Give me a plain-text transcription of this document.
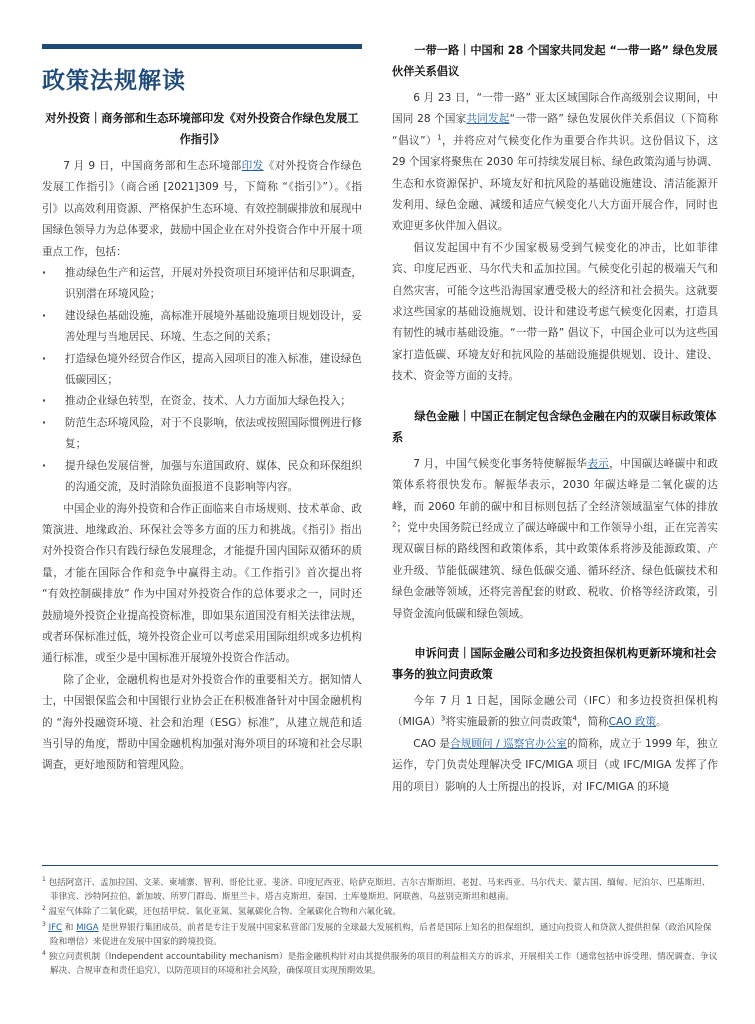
政策法规解读
对外投资｜商务部和生态环境部印发《对外投资合作绿色发展工作指引》

7 月 9 日，中国商务部和生态环境部印发《对外投资合作绿色发展工作指引》（商合函 [2021]309 号，下简称 “《指引》”）。《指引》以高效利用资源、严格保护生态环境、有效控制碳排放和展现中国绿色领导力为总体要求，鼓励中国企业在对外投资合作中开展十项重点工作，包括：

· 推动绿色生产和运营，开展对外投资项目环境评估和尽职调查，识别潜在环境风险；
· 建设绿色基础设施，高标准开展境外基础设施项目规划设计，妥善处理与当地居民、环境、生态之间的关系；
· 打造绿色境外经贸合作区，提高入园项目的准入标准，建设绿色低碳园区；
· 推动企业绿色转型，在资金、技术、人力方面加大绿色投入；
· 防范生态环境风险，对于不良影响，依法或按照国际惯例进行修复；
· 提升绿色发展信誉，加强与东道国政府、媒体、民众和环保组织的沟通交流，及时消除负面报道不良影响等内容。

中国企业的海外投资和合作正面临来自市场规则、技术革命、政策演进、地缘政治、环保社会等多方面的压力和挑战。《指引》指出对外投资合作只有践行绿色发展理念，才能提升国内国际双循环的质量，才能在国际合作和竞争中赢得主动。《工作指引》首次提出将 “有效控制碳排放” 作为中国对外投资合作的总体要求之一，同时还鼓励境外投资企业提高投资标准，即如果东道国没有相关法律法规，或者环保标准过低，境外投资企业可以考虑采用国际组织或多边机构通行标准，或至少是中国标准开展境外投资合作活动。

除了企业，金融机构也是对外投资合作的重要相关方。据知情人士，中国银保监会和中国银行业协会正在积极准备针对中国金融机构的 “海外投融资环境、社会和治理（ESG）标准”，从建立规范和适当引导的角度，帮助中国金融机构加强对海外项目的环境和社会尽职调查，更好地预防和管理风险。

一带一路｜中国和 28 个国家共同发起 “一带一路” 绿色发展伙伴关系倡议

6 月 23 日，“一带一路” 亚太区域国际合作高级别会议期间，中国同 28 个国家共同发起“一带一路” 绿色发展伙伴关系倡议（下简称 “倡议”）$^1$，并将应对气候变化作为重要合作共识。这份倡议下，这 29 个国家将聚焦在 2030 年可持续发展目标、绿色政策沟通与协调、生态和水资源保护、环境友好和抗风险的基础设施建设、清洁能源开发利用、绿色金融、减缓和适应气候变化八大方面开展合作，同时也欢迎更多伙伴加入倡议。

倡议发起国中有不少国家极易受到气候变化的冲击，比如菲律宾、印度尼西亚、马尔代夫和孟加拉国。气候变化引起的极端天气和自然灾害，可能令这些沿海国家遭受极大的经济和社会损失。这就要求这些国家的基础设施规划、设计和建设考虑气候变化因素，打造具有韧性的城市基础设施。“一带一路” 倡议下，中国企业可以为这些国家打造低碳、环境友好和抗风险的基础设施提供规划、设计、建设、技术、资金等方面的支持。

绿色金融｜中国正在制定包含绿色金融在内的双碳目标政策体系

7 月，中国气候变化事务特使解振华表示，中国碳达峰碳中和政策体系将很快发布。解振华表示，2030 年碳达峰是二氧化碳的达峰，而 2060 年前的碳中和目标则包括了全经济领域温室气体的排放$^2$；党中央国务院已经成立了碳达峰碳中和工作领导小组，正在完善实现双碳目标的路线图和政策体系，其中政策体系将涉及能源政策、产业升级、节能低碳建筑、绿色低碳交通、循环经济、绿色低碳技术和绿色金融等领域，还将完善配套的财政、税收、价格等经济政策，引导资金流向低碳和绿色领域。

申诉问责｜国际金融公司和多边投资担保机构更新环境和社会事务的独立问责政策

今年 7 月 1 日起，国际金融公司（IFC）和多边投资担保机构（MIGA）$^3$将实施最新的独立问责政策$^4$，简称CAO 政策。

CAO 是合规顾问 / 巡察官办公室的简称，成立于 1999 年，独立运作，专门负责处理解决受 IFC/MIGA 项目（或 IFC/MIGA 发挥了作用的项目）影响的人士所提出的投诉，对 IFC/MIGA 的环境

$^1$ 包括阿富汗、孟加拉国、文莱、柬埔寨、智利、哥伦比亚、斐济、印度尼西亚、哈萨克斯坦、吉尔吉斯斯坦、老挝、马来西亚、马尔代夫、蒙古国、缅甸、尼泊尔、巴基斯坦、菲律宾、沙特阿拉伯、新加坡、所罗门群岛、斯里兰卡、塔吉克斯坦、泰国、土库曼斯坦、阿联酋、乌兹别克斯坦和越南。
$^2$ 温室气体除了二氧化碳，还包括甲烷、氧化亚氮、氢氟碳化合物、全氟碳化合物和六氟化硫。
$^3$ IFC 和 MIGA 是世界银行集团成员，前者是专注于发展中国家私营部门发展的全球最大发展机构，后者是国际上知名的担保组织，通过向投资人和贷款人提供担保（政治风险保险和增信）来促进在发展中国家的跨境投资。
$^4$ 独立问责机制（Independent accountability mechanism）是指金融机构针对由其提供服务的项目的利益相关方的诉求，开展相关工作（通常包括申诉受理、情况调查、争议解决、合规审查和责任追究），以防范项目的环境和社会风险，确保项目实现预期效果。
